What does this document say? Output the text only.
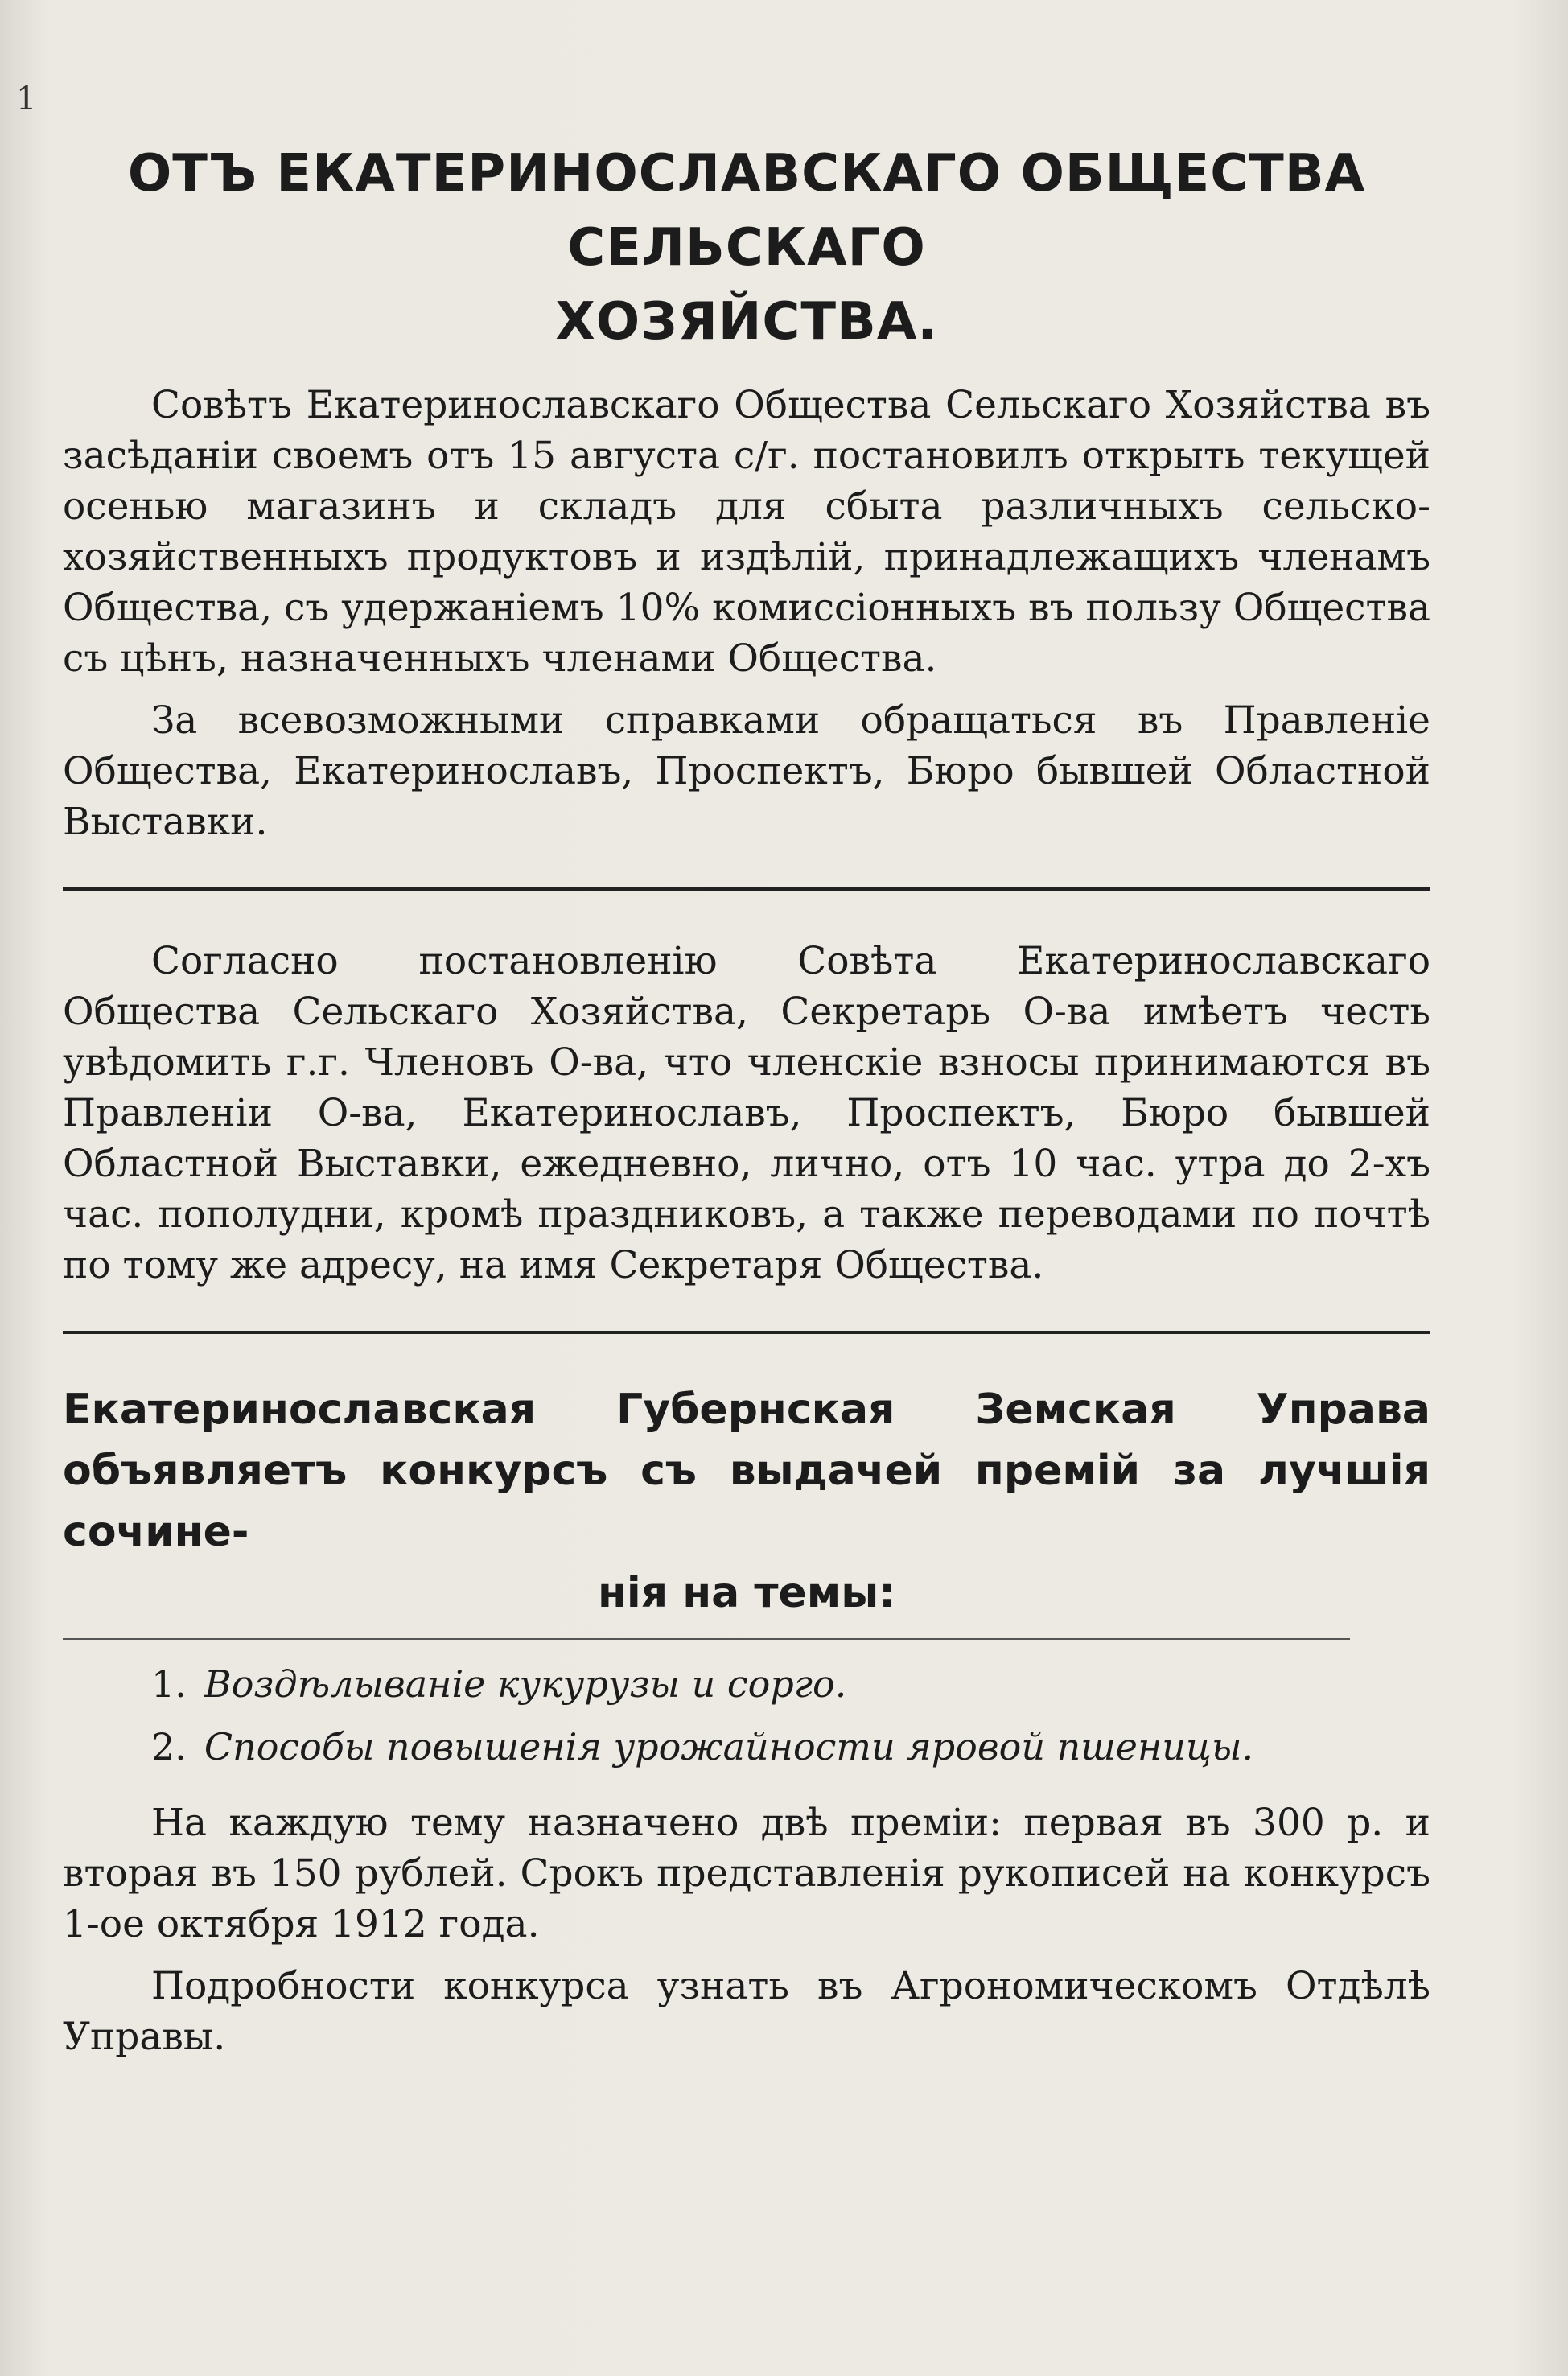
1
ОТЪ ЕКАТЕРИНОСЛАВСКАГО ОБЩЕСТВА СЕЛЬСКАГО
ХОЗЯЙСТВА.

Совѣтъ Екатеринославскаго Общества Сельскаго Хозяйства въ засѣданіи своемъ отъ 15 августа с/г. постановилъ открыть текущей осенью магазинъ и складъ для сбыта различныхъ сельско-хозяйственныхъ продуктовъ и издѣлій, принадлежащихъ членамъ Общества, съ удержаніемъ 10% комиссіонныхъ въ пользу Общества съ цѣнъ, назначенныхъ членами Общества.

За всевозможными справками обращаться въ Правленіе Общества, Екатеринославъ, Проспектъ, Бюро бывшей Областной Выставки.

Согласно постановленію Совѣта Екатеринославскаго Общества Сельскаго Хозяйства, Секретарь О-ва имѣетъ честь увѣдомить г.г. Членовъ О-ва, что членскіе взносы принимаются въ Правленіи О-ва, Екатеринославъ, Проспектъ, Бюро бывшей Областной Выставки, ежедневно, лично, отъ 10 час. утра до 2-хъ час. пополудни, кромѣ праздниковъ, а также переводами по почтѣ по тому же адресу, на имя Секретаря Общества.

Екатеринославская Губернская Земская Управа объявляетъ конкурсъ съ выдачей премій за лучшія сочине-
нія на темы:
1. Воздѣлываніе кукурузы и сорго.
2. Способы повышенія урожайности яровой пшеницы.

На каждую тему назначено двѣ преміи: первая въ 300 р. и вторая въ 150 рублей. Срокъ представленія рукописей на конкурсъ 1-ое октября 1912 года.

Подробности конкурса узнать въ Агрономическомъ Отдѣлѣ Управы.
